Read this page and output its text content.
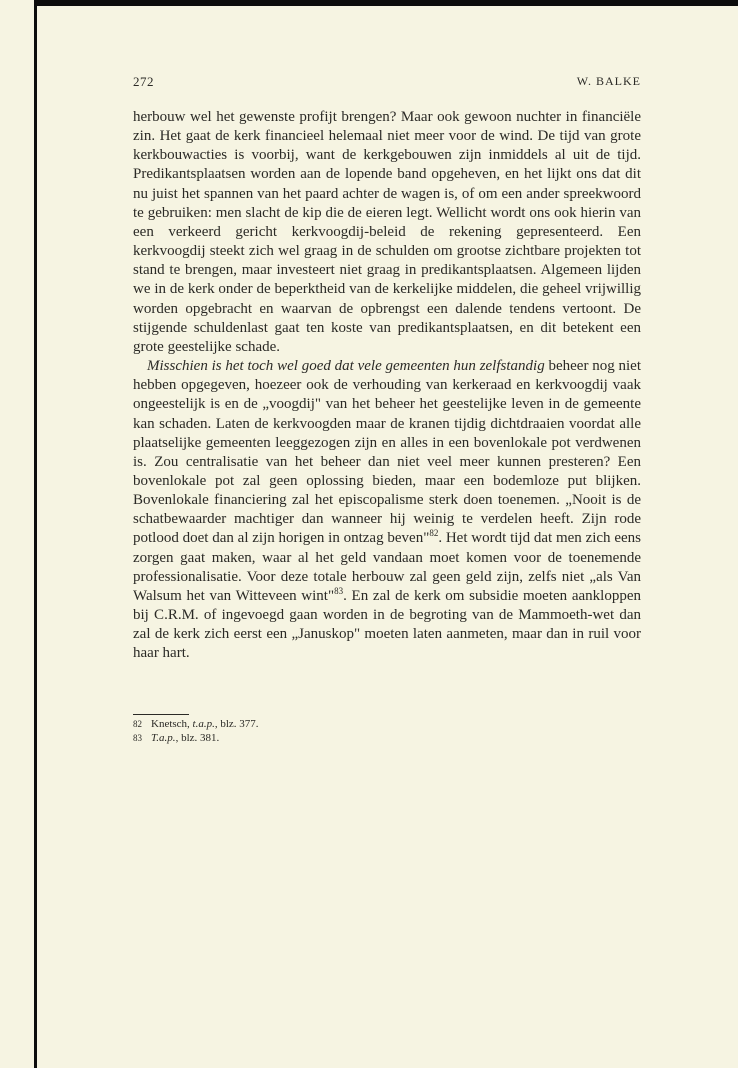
272	W. BALKE

herbouw wel het gewenste profijt brengen? Maar ook gewoon nuchter in financiële zin. Het gaat de kerk financieel helemaal niet meer voor de wind. De tijd van grote kerkbouwacties is voorbij, want de kerkgebouwen zijn inmiddels al uit de tijd. Predikantsplaatsen worden aan de lopende band opgeheven, en het lijkt ons dat dit nu juist het spannen van het paard achter de wagen is, of om een ander spreekwoord te gebruiken: men slacht de kip die de eieren legt. Wellicht wordt ons ook hierin van een verkeerd gericht kerkvoogdij-beleid de rekening gepresenteerd. Een kerkvoogdij steekt zich wel graag in de schulden om grootse zichtbare projekten tot stand te brengen, maar investeert niet graag in predikantsplaatsen. Algemeen lijden we in de kerk onder de beperktheid van de kerkelijke middelen, die geheel vrijwillig worden opgebracht en waarvan de opbrengst een dalende tendens vertoont. De stijgende schuldenlast gaat ten koste van predikantsplaatsen, en dit betekent een grote geestelijke schade.

Misschien is het toch wel goed dat vele gemeenten hun zelfstandig beheer nog niet hebben opgegeven, hoezeer ook de verhouding van kerkeraad en kerkvoogdij vaak ongeestelijk is en de „voogdij" van het beheer het geestelijke leven in de gemeente kan schaden. Laten de kerkvoogden maar de kranen tijdig dichtdraaien voordat alle plaatselijke gemeenten leeggezogen zijn en alles in een bovenlokale pot verdwenen is. Zou centralisatie van het beheer dan niet veel meer kunnen presteren? Een bovenlokale pot zal geen oplossing bieden, maar een bodemloze put blijken. Bovenlokale financiering zal het episcopalisme sterk doen toenemen. „Nooit is de schatbewaarder machtiger dan wanneer hij weinig te verdelen heeft. Zijn rode potlood doet dan al zijn horigen in ontzag beven"$^{82}$. Het wordt tijd dat men zich eens zorgen gaat maken, waar al het geld vandaan moet komen voor de toenemende professionalisatie. Voor deze totale herbouw zal geen geld zijn, zelfs niet „als Van Walsum het van Witteveen wint"$^{83}$. En zal de kerk om subsidie moeten aankloppen bij C.R.M. of ingevoegd gaan worden in de begroting van de Mammoeth-wet dan zal de kerk zich eerst een „Januskop" moeten laten aanmeten, maar dan in ruil voor haar hart.

82 Knetsch, t.a.p., blz. 377.
83 T.a.p., blz. 381.
